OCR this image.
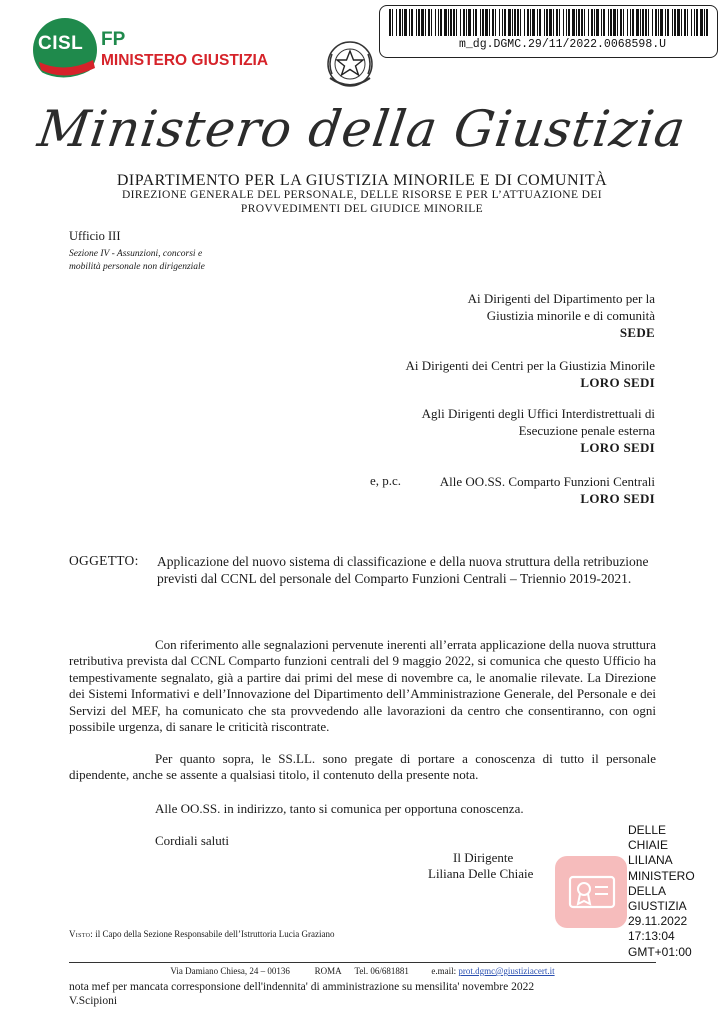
CISL FP
MINISTERO GIUSTIZIA
m_dg.DGMC.29/11/2022.0068598.U
Ministero della Giustizia
DIPARTIMENTO PER LA GIUSTIZIA MINORILE E DI COMUNITÀ
DIREZIONE GENERALE DEL PERSONALE, DELLE RISORSE E PER L’ATTUAZIONE DEI
PROVVEDIMENTI DEL GIUDICE MINORILE
Ufficio III
Sezione IV - Assunzioni, concorsi e
mobilità personale non dirigenziale
Ai Dirigenti del Dipartimento per la
Giustizia minorile e di comunità
SEDE
Ai Dirigenti dei Centri per la Giustizia Minorile
LORO SEDI
Agli Dirigenti degli Uffici Interdistrettuali di
Esecuzione penale esterna
LORO SEDI
e, p.c.	Alle OO.SS. Comparto Funzioni Centrali
LORO SEDI
OGGETTO: Applicazione del nuovo sistema di classificazione e della nuova struttura della retribuzione previsti dal CCNL del personale del Comparto Funzioni Centrali – Triennio 2019-2021.
Con riferimento alle segnalazioni pervenute inerenti all’errata applicazione della nuova struttura retributiva prevista dal CCNL Comparto funzioni centrali del 9 maggio 2022, si comunica che questo Ufficio ha tempestivamente segnalato, già a partire dai primi del mese di novembre ca, le anomalie rilevate. La Direzione dei Sistemi Informativi e dell’Innovazione del Dipartimento dell’Amministrazione Generale, del Personale e dei Servizi del MEF, ha comunicato che sta provvedendo alle lavorazioni da centro che consentiranno, con ogni possibile urgenza, di sanare le criticità riscontrate.
Per quanto sopra, le SS.LL. sono pregate di portare a conoscenza di tutto il personale dipendente, anche se assente a qualsiasi titolo, il contenuto della presente nota.
Alle OO.SS. in indirizzo, tanto si comunica per opportuna conoscenza.
Cordiali saluti
Il Dirigente
Liliana Delle Chiaie
DELLE
CHIAIE
LILIANA
MINISTERO
DELLA
GIUSTIZIA
29.11.2022
17:13:04
GMT+01:00
Visto: il Capo della Sezione Responsabile dell’Istruttoria Lucia Graziano
Via Damiano Chiesa, 24 – 00136	ROMA Tel. 06/681881	e.mail: prot.dgmc@giustiziacert.it
nota mef per mancata corresponsione dell'indennita' di amministrazione su mensilita' novembre 2022
V.Scipioni
